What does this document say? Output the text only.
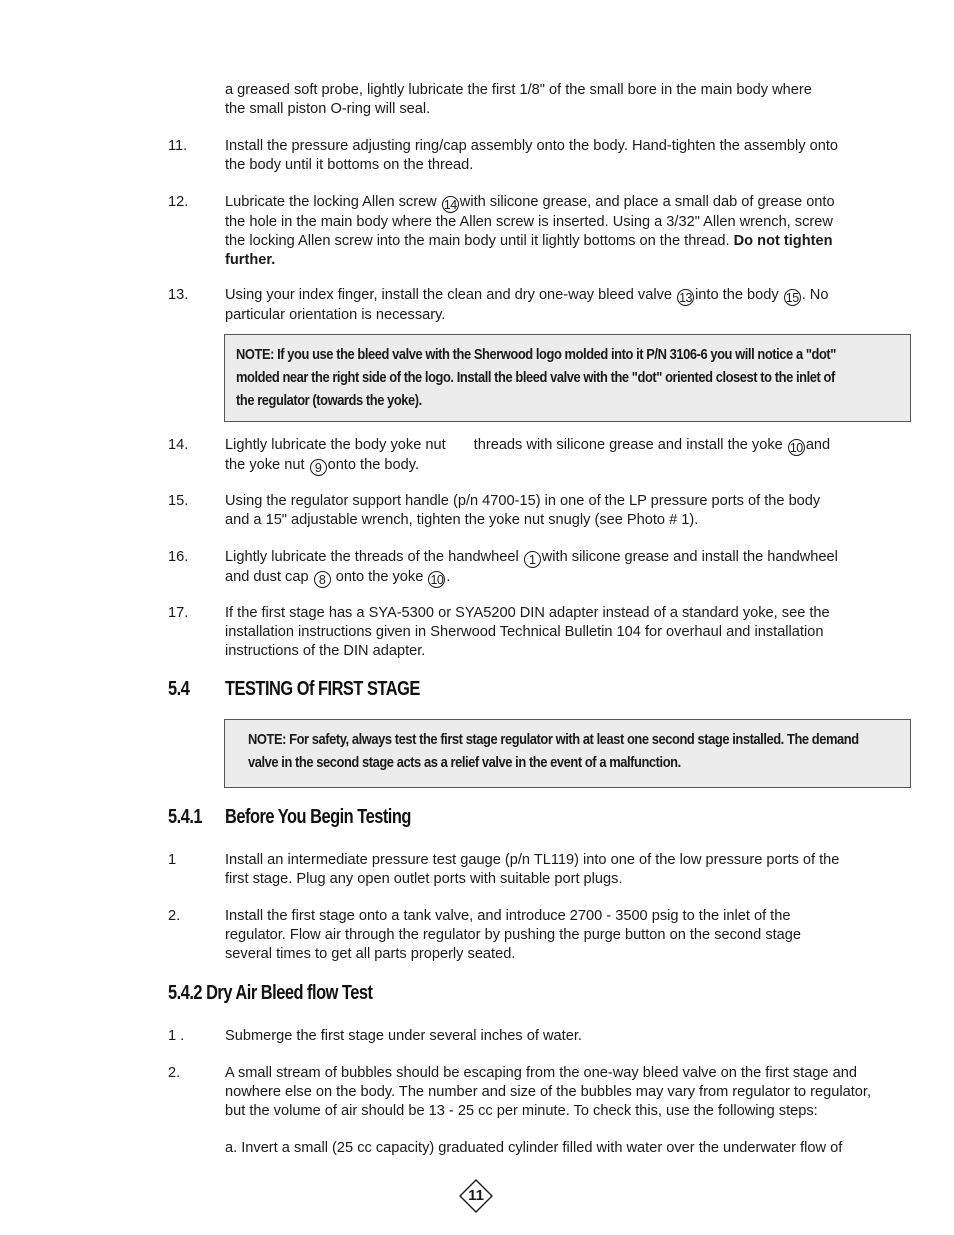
a greased soft probe, lightly lubricate the first 1/8" of the small bore in the main body where
the small piston O-ring will seal.
11.	Install the pressure adjusting ring/cap assembly onto the body. Hand-tighten the assembly onto
the body until it bottoms on the thread.
12.	Lubricate the locking Allen screw 14 with silicone grease, and place a small dab of grease onto
the hole in the main body where the Allen screw is inserted. Using a 3/32" Allen wrench, screw
the locking Allen screw into the main body until it lightly bottoms on the thread. Do not tighten
further.
13.	Using your index finger, install the clean and dry one-way bleed valve 13 into the body 15 . No
particular orientation is necessary.
NOTE: If you use the bleed valve with the Sherwood logo molded into it P/N 3106-6 you will notice a "dot"
molded near the right side of the logo. Install the bleed valve with the "dot" oriented closest to the inlet of
the regulator (towards the yoke).
14.	Lightly lubricate the body yoke nut threads with silicone grease and install the yoke 10 and
the yoke nut 9 onto the body.
15.	Using the regulator support handle (p/n 4700-15) in one of the LP pressure ports of the body
and a 15" adjustable wrench, tighten the yoke nut snugly (see Photo # 1).
16.	Lightly lubricate the threads of the handwheel 1 with silicone grease and install the handwheel
and dust cap 8 onto the yoke 10 .
17.	If the first stage has a SYA-5300 or SYA5200 DIN adapter instead of a standard yoke, see the
installation instructions given in Sherwood Technical Bulletin 104 for overhaul and installation
instructions of the DIN adapter.
5.4 TESTING Of FIRST STAGE
NOTE: For safety, always test the first stage regulator with at least one second stage installed. The demand
valve in the second stage acts as a relief valve in the event of a malfunction.
5.4.1	Before You Begin Testing
1	Install an intermediate pressure test gauge (p/n TL119) into one of the low pressure ports of the
first stage. Plug any open outlet ports with suitable port plugs.
2.	Install the first stage onto a tank valve, and introduce 2700 - 3500 psig to the inlet of the
regulator. Flow air through the regulator by pushing the purge button on the second stage
several times to get all parts properly seated.
5.4.2 Dry Air Bleed flow Test
1 .	Submerge the first stage under several inches of water.
2.	A small stream of bubbles should be escaping from the one-way bleed valve on the first stage and
nowhere else on the body. The number and size of the bubbles may vary from regulator to regulator,
but the volume of air should be 13 - 25 cc per minute. To check this, use the following steps:
a. Invert a small (25 cc capacity) graduated cylinder filled with water over the underwater flow of
11
